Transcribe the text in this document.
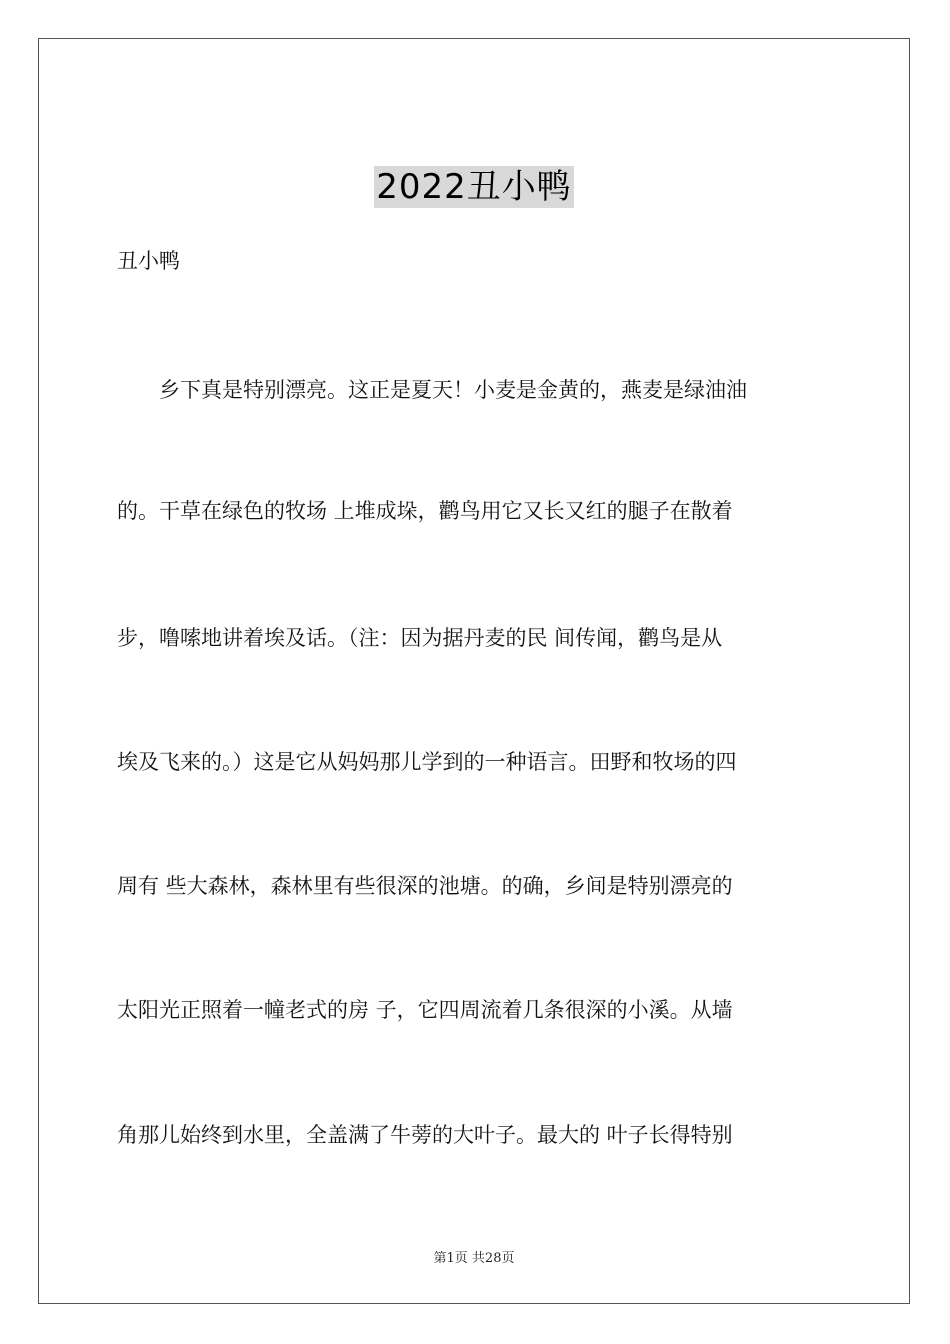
2022丑小鸭
丑小鸭
乡下真是特别漂亮。这正是夏天！小麦是金黄的，燕麦是绿油油
的。干草在绿色的牧场 上堆成垛，鹳鸟用它又长又红的腿子在散着
步，噜嗦地讲着埃及话。（注：因为据丹麦的民 间传闻，鹳鸟是从
埃及飞来的。）这是它从妈妈那儿学到的一种语言。田野和牧场的四
周有 些大森林，森林里有些很深的池塘。的确，乡间是特别漂亮的
太阳光正照着一幢老式的房 子，它四周流着几条很深的小溪。从墙
角那儿始终到水里，全盖满了牛蒡的大叶子。最大的 叶子长得特别
第1页 共28页
